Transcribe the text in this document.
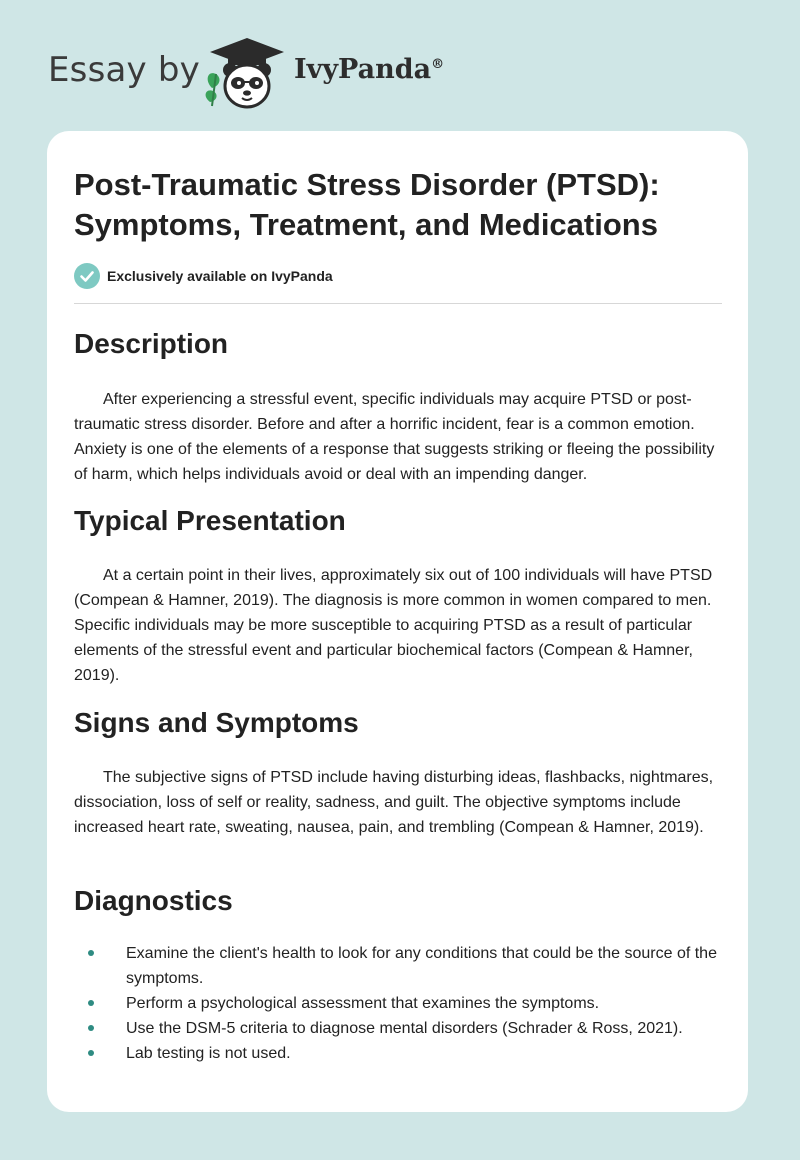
Essay by	IvyPanda®
Post-Traumatic Stress Disorder (PTSD): Symptoms, Treatment, and Medications
Exclusively available on IvyPanda
Description

After experiencing a stressful event, specific individuals may acquire PTSD or post-traumatic stress disorder. Before and after a horrific incident, fear is a common emotion. Anxiety is one of the elements of a response that suggests striking or fleeing the possibility of harm, which helps individuals avoid or deal with an impending danger.

Typical Presentation

At a certain point in their lives, approximately six out of 100 individuals will have PTSD (Compean & Hamner, 2019). The diagnosis is more common in women compared to men. Specific individuals may be more susceptible to acquiring PTSD as a result of particular elements of the stressful event and particular biochemical factors (Compean & Hamner, 2019).

Signs and Symptoms

The subjective signs of PTSD include having disturbing ideas, flashbacks, nightmares, dissociation, loss of self or reality, sadness, and guilt. The objective symptoms include increased heart rate, sweating, nausea, pain, and trembling (Compean & Hamner, 2019).

Diagnostics
Examine the client's health to look for any conditions that could be the source of the symptoms.
Perform a psychological assessment that examines the symptoms.
Use the DSM-5 criteria to diagnose mental disorders (Schrader & Ross, 2021).
Lab testing is not used.
